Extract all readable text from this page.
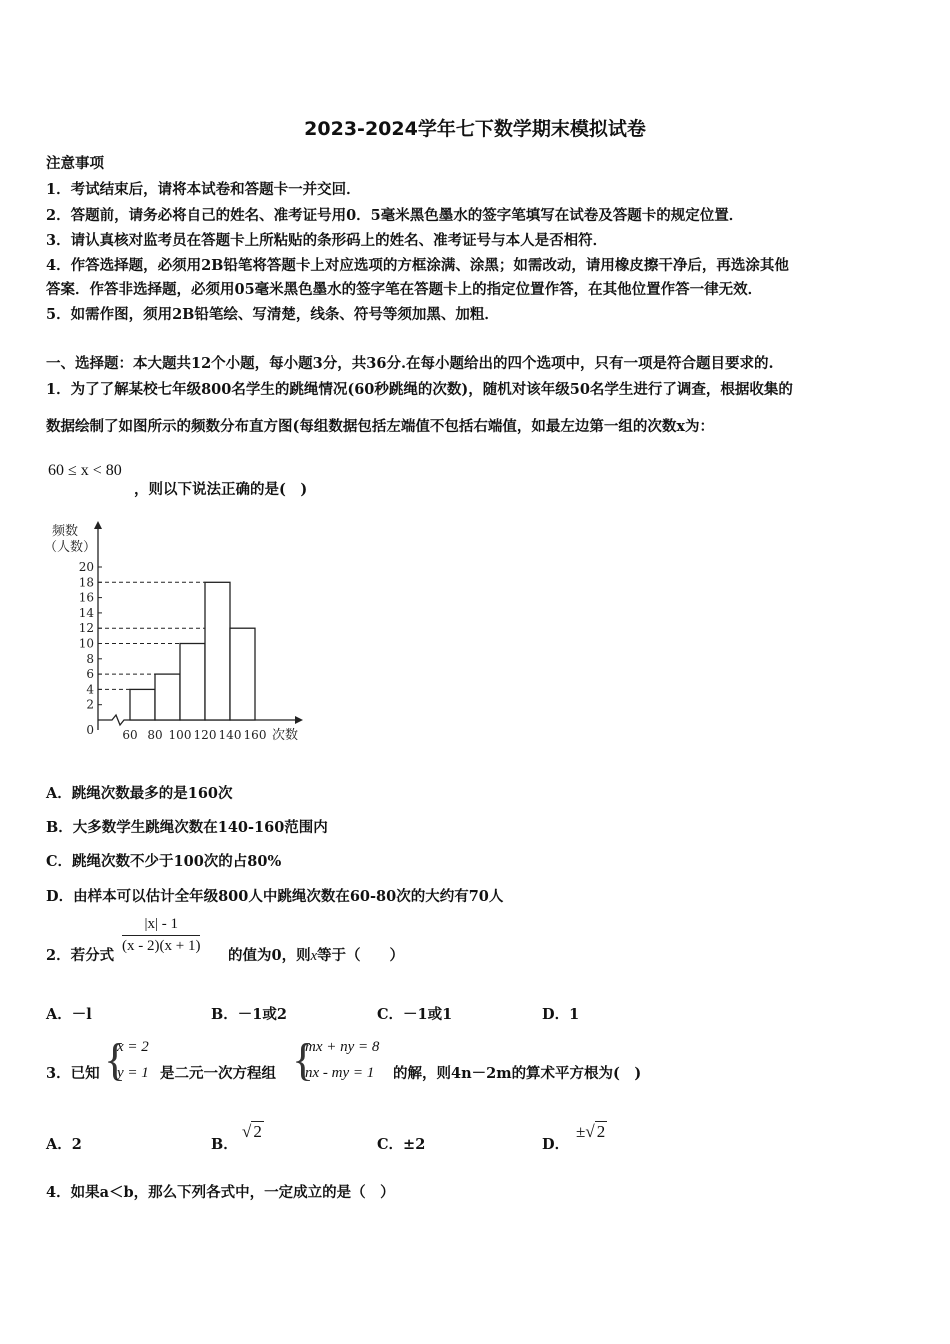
2023-2024学年七下数学期末模拟试卷
注意事项
1．考试结束后，请将本试卷和答题卡一并交回．
2．答题前，请务必将自己的姓名、准考证号用0．5毫米黑色墨水的签字笔填写在试卷及答题卡的规定位置．
3．请认真核对监考员在答题卡上所粘贴的条形码上的姓名、准考证号与本人是否相符．
4．作答选择题，必须用2B铅笔将答题卡上对应选项的方框涂满、涂黑；如需改动，请用橡皮擦干净后，再选涂其他
答案．作答非选择题，必须用05毫米黑色墨水的签字笔在答题卡上的指定位置作答，在其他位置作答一律无效．
5．如需作图，须用2B铅笔绘、写清楚，线条、符号等须加黑、加粗．
一、选择题：本大题共12个小题，每小题3分，共36分.在每小题给出的四个选项中，只有一项是符合题目要求的.
1．为了了解某校七年级800名学生的跳绳情况(60秒跳绳的次数)，随机对该年级50名学生进行了调查，根据收集的
数据绘制了如图所示的频数分布直方图(每组数据包括左端值不包括右端值，如最左边第一组的次数x为：
60 ≤ x < 80
，则以下说法正确的是(　)
频数
（人数）
0
2
4
6
8
10
12
14
16
18
20
60 80 100 120 140 160 次数
A．跳绳次数最多的是160次
B．大多数学生跳绳次数在140-160范围内
C．跳绳次数不少于100次的占80%
D．由样本可以估计全年级800人中跳绳次数在60-80次的大约有70人
2．若分式
$\frac{|x| - 1}{(x - 2)(x + 1)}$
的值为0，则x等于（　　）
A．－l	B．－1或2	C．－1或1	D．1
3．已知 {
x = 2
y = 1 是二元一次方程组 {
mx + ny = 8
nx - my = 1	的解，则4n－2m的算术平方根为(　)
A．2	B．
√ 2
C．±2	D．
±√ 2
4．如果a＜b，那么下列各式中，一定成立的是（　）
